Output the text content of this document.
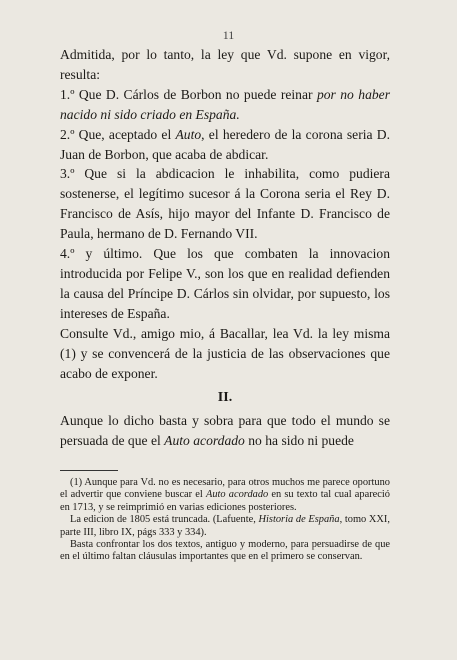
11

Admitida, por lo tanto, la ley que Vd. supone en vigor, resulta:

1.º Que D. Cárlos de Borbon no puede reinar por no haber nacido ni sido criado en España.

2.º Que, aceptado el Auto, el heredero de la corona seria D. Juan de Borbon, que acaba de abdicar.

3.º Que si la abdicacion le inhabilita, como pudiera sostenerse, el legítimo sucesor á la Corona seria el Rey D. Francisco de Asís, hijo mayor del Infante D. Francisco de Paula, hermano de D. Fernando VII.

4.º y último. Que los que combaten la innovacion introducida por Felipe V., son los que en realidad defienden la causa del Príncipe D. Cárlos sin olvidar, por supuesto, los intereses de España.

Consulte Vd., amigo mio, á Bacallar, lea Vd. la ley misma (1) y se convencerá de la justicia de las observaciones que acabo de exponer.

II.

Aunque lo dicho basta y sobra para que todo el mundo se persuada de que el Auto acordado no ha sido ni puede

(1) Aunque para Vd. no es necesario, para otros muchos me parece oportuno el advertir que conviene buscar el Auto acordado en su texto tal cual apareció en 1713, y se reimprimió en varias ediciones posteriores.

La edicion de 1805 está truncada. (Lafuente, Historia de España, tomo XXI, parte III, libro IX, págs 333 y 334).

Basta confrontar los dos textos, antiguo y moderno, para persuadirse de que en el último faltan cláusulas importantes que en el primero se conservan.
